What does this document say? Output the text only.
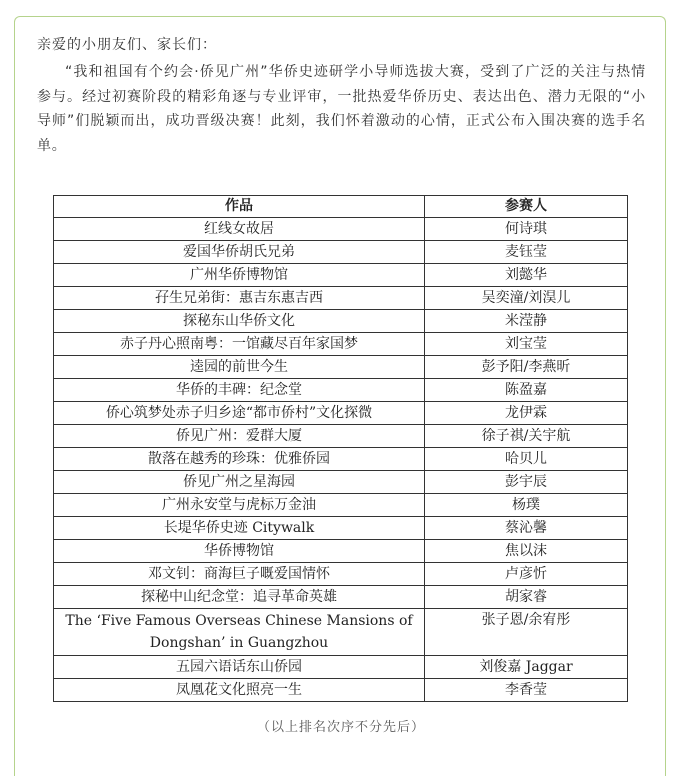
亲爱的小朋友们、家长们：
“我和祖国有个约会·侨见广州”华侨史迹研学小导师选拔大赛，受到了广泛的关注与热情参与。经过初赛阶段的精彩角逐与专业评审，一批热爱华侨历史、表达出色、潜力无限的“小导师”们脱颖而出，成功晋级决赛！此刻，我们怀着激动的心情，正式公布入围决赛的选手名单。
作品	参赛人
红线女故居	何诗琪
爱国华侨胡氏兄弟	麦钰莹
广州华侨博物馆	刘懿华
孖生兄弟街：惠吉东惠吉西	吴奕潼/刘淏儿
探秘东山华侨文化	米滢静
赤子丹心照南粤：一馆藏尽百年家国梦	刘宝莹
逵园的前世今生	彭予阳/李燕昕
华侨的丰碑：纪念堂	陈盈嘉
侨心筑梦处赤子归乡途“都市侨村”文化探微	龙伊霖
侨见广州：爱群大厦	徐子祺/关宇航
散落在越秀的珍珠：优雅侨园	哈贝儿
侨见广州之星海园	彭宇辰
广州永安堂与虎标万金油	杨璞
长堤华侨史迹 Citywalk	蔡沁馨
华侨博物馆	焦以沫
邓文钊：商海巨子嘅爱国情怀	卢彦忻
探秘中山纪念堂：追寻革命英雄	胡家睿
The ‘Five Famous Overseas Chinese Mansions of Dongshan’ in Guangzhou	张子恩/余宥彤
五园六语话东山侨园	刘俊嘉 Jaggar
凤凰花文化照亮一生	李香莹
（以上排名次序不分先后）
